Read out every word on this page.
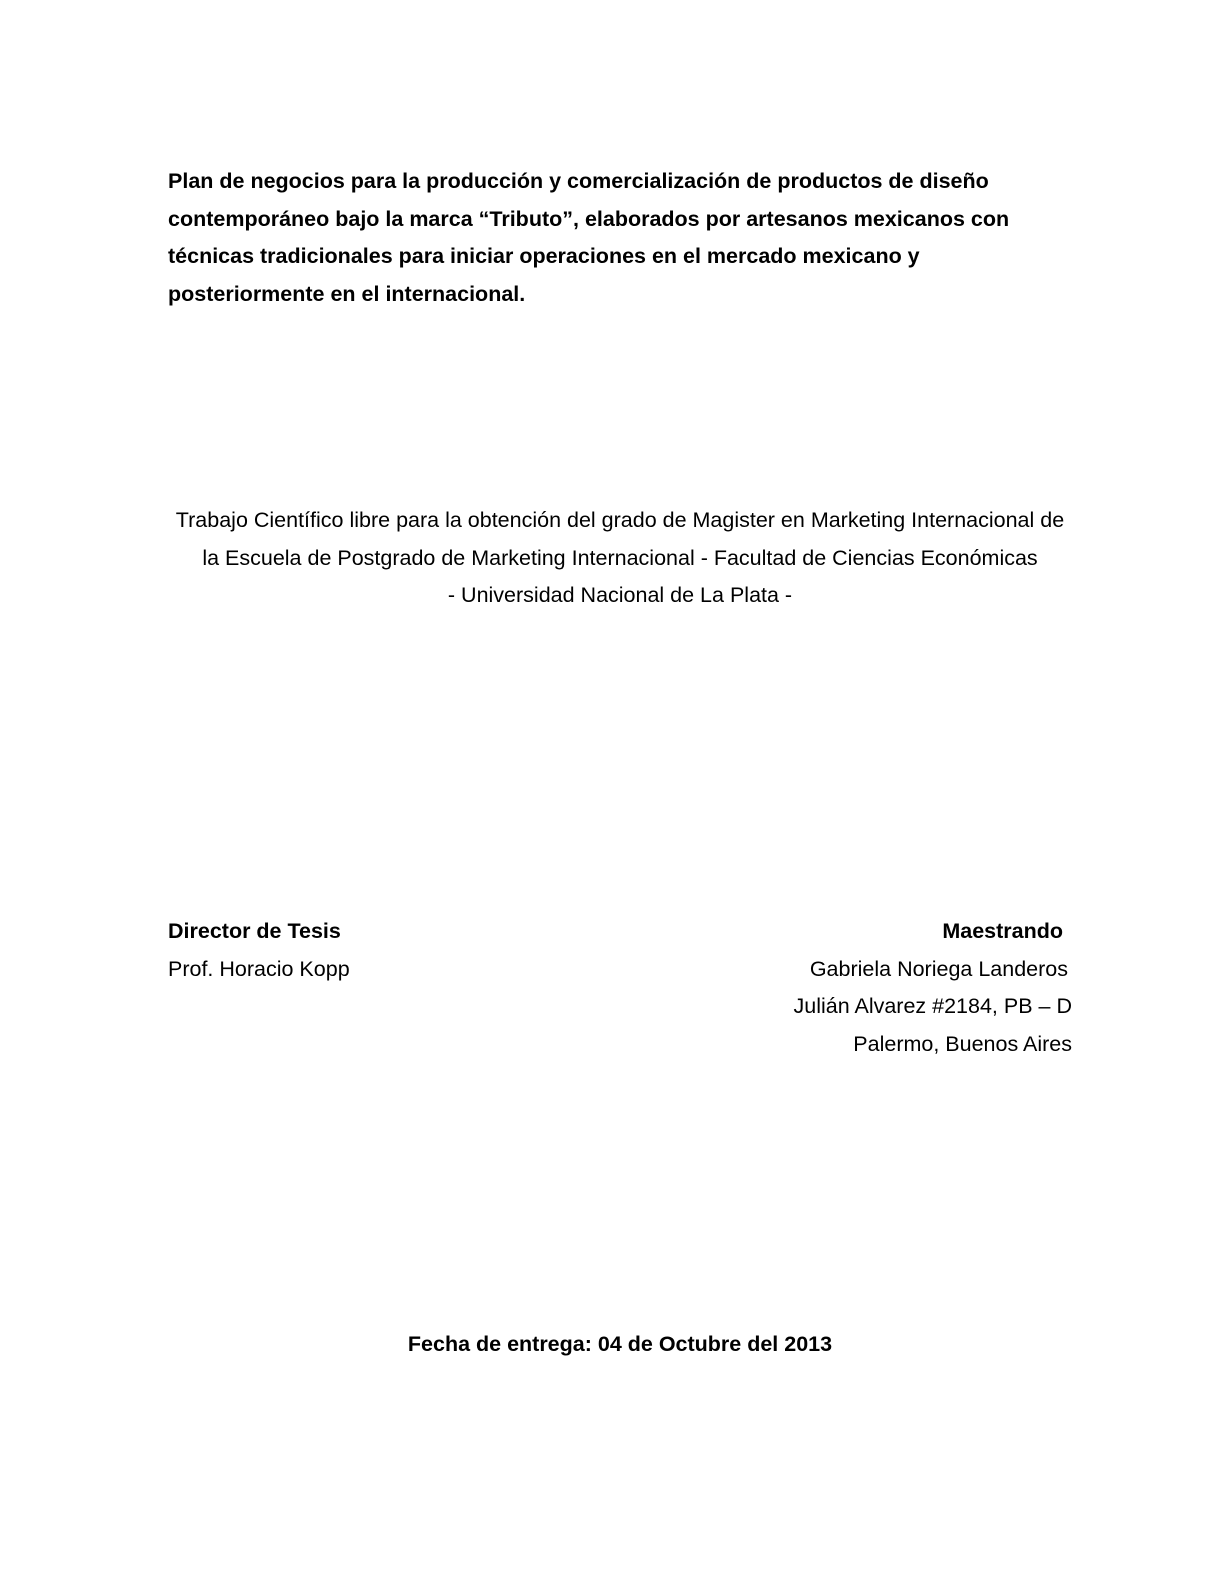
Plan de negocios para la producción y comercialización de productos de diseño
contemporáneo bajo la marca “Tributo”, elaborados por artesanos mexicanos con
técnicas tradicionales para iniciar operaciones en el mercado mexicano y
posteriormente en el internacional.

Trabajo Científico libre para la obtención del grado de Magister en Marketing Internacional de
la Escuela de Postgrado de Marketing Internacional - Facultad de Ciencias Económicas
- Universidad Nacional de La Plata -

Director de Tesis
Prof. Horacio Kopp
Maestrando
Gabriela Noriega Landeros
Julián Alvarez #2184, PB – D
Palermo, Buenos Aires
Fecha de entrega: 04 de Octubre del 2013
